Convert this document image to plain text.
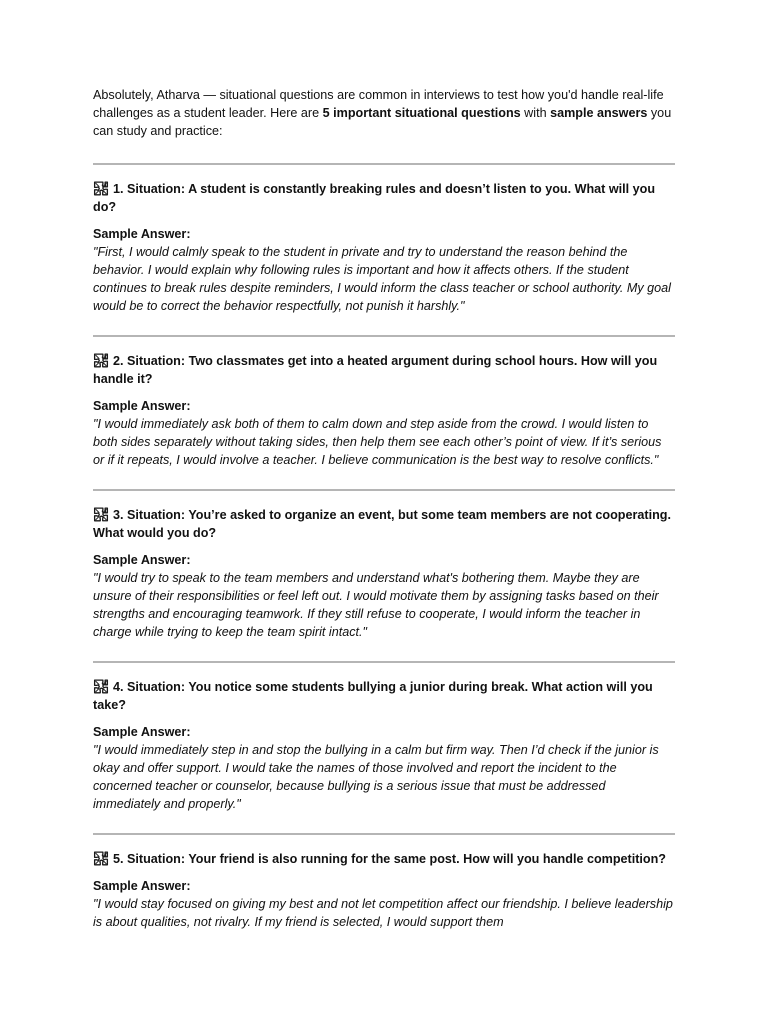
Absolutely, Atharva — situational questions are common in interviews to test how you'd handle real-life challenges as a student leader. Here are 5 important situational questions with sample answers you can study and practice:

1. Situation: A student is constantly breaking rules and doesn’t listen to you. What will you do?

Sample Answer:

"First, I would calmly speak to the student in private and try to understand the reason behind the behavior. I would explain why following rules is important and how it affects others. If the student continues to break rules despite reminders, I would inform the class teacher or school authority. My goal would be to correct the behavior respectfully, not punish it harshly."

2. Situation: Two classmates get into a heated argument during school hours. How will you handle it?

Sample Answer:

"I would immediately ask both of them to calm down and step aside from the crowd. I would listen to both sides separately without taking sides, then help them see each other’s point of view. If it’s serious or if it repeats, I would involve a teacher. I believe communication is the best way to resolve conflicts."

3. Situation: You’re asked to organize an event, but some team members are not cooperating. What would you do?

Sample Answer:

"I would try to speak to the team members and understand what's bothering them. Maybe they are unsure of their responsibilities or feel left out. I would motivate them by assigning tasks based on their strengths and encouraging teamwork. If they still refuse to cooperate, I would inform the teacher in charge while trying to keep the team spirit intact."

4. Situation: You notice some students bullying a junior during break. What action will you take?

Sample Answer:

"I would immediately step in and stop the bullying in a calm but firm way. Then I’d check if the junior is okay and offer support. I would take the names of those involved and report the incident to the concerned teacher or counselor, because bullying is a serious issue that must be addressed immediately and properly."

5. Situation: Your friend is also running for the same post. How will you handle competition?

Sample Answer:

"I would stay focused on giving my best and not let competition affect our friendship. I believe leadership is about qualities, not rivalry. If my friend is selected, I would support them
